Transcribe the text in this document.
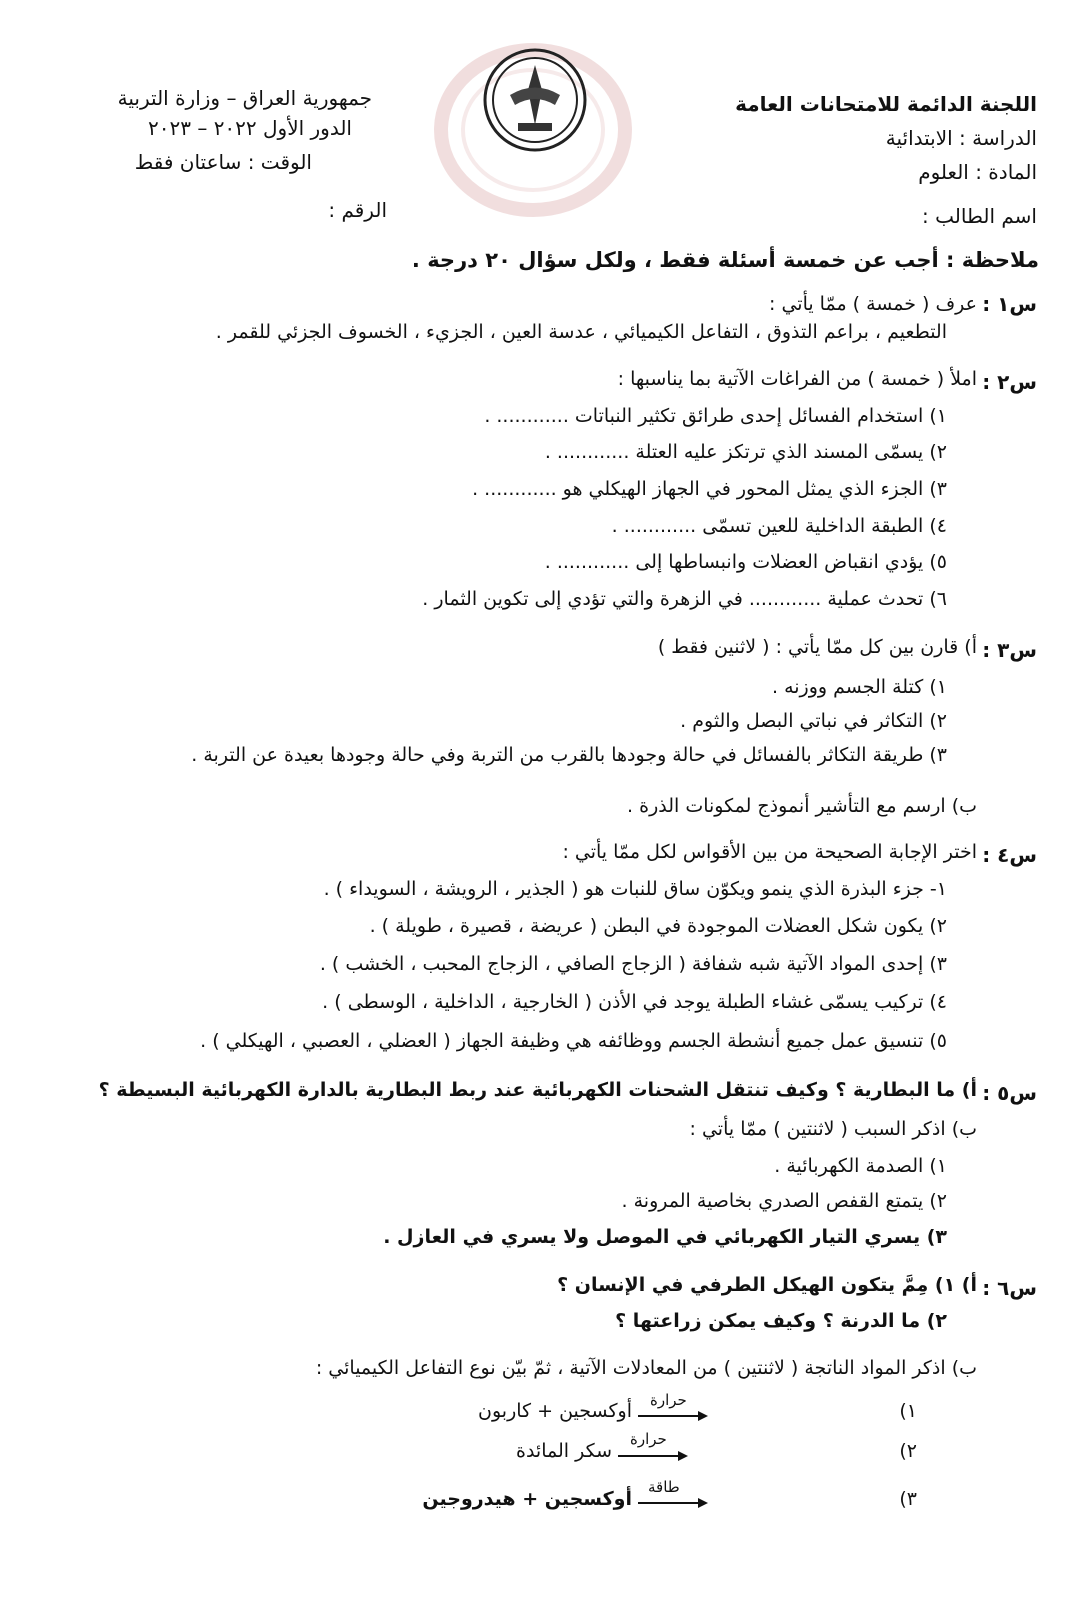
اللجنة الدائمة للامتحانات العامة
الدراسة : الابتدائية
المادة : العلوم
اسم الطالب :
جمهورية العراق – وزارة التربية
الدور الأول ٢٠٢٢ – ٢٠٢٣
الوقت : ساعتان فقط
الرقم :
ملاحظة : أجب عن خمسة أسئلة فقط ، ولكل سؤال ٢٠ درجة .
س١ :
عرف ( خمسة ) ممّا يأتي :
التطعيم ، براعم التذوق ، التفاعل الكيميائي ، عدسة العين ، الجزيء ، الخسوف الجزئي للقمر .
س٢ :
املأ ( خمسة ) من الفراغات الآتية بما يناسبها :
١) استخدام الفسائل إحدى طرائق تكثير النباتات ............ .
٢) يسمّى المسند الذي ترتكز عليه العتلة ............ .
٣) الجزء الذي يمثل المحور في الجهاز الهيكلي هو ............ .
٤) الطبقة الداخلية للعين تسمّى ............ .
٥) يؤدي انقباض العضلات وانبساطها إلى ............ .
٦) تحدث عملية ............ في الزهرة والتي تؤدي إلى تكوين الثمار .
س٣ :
أ) قارن بين كل ممّا يأتي : ( لاثنين فقط )
١) كتلة الجسم ووزنه .
٢) التكاثر في نباتي البصل والثوم .
٣) طريقة التكاثر بالفسائل في حالة وجودها بالقرب من التربة وفي حالة وجودها بعيدة عن التربة .
ب) ارسم مع التأشير أنموذج لمكونات الذرة .
س٤ :
اختر الإجابة الصحيحة من بين الأقواس لكل ممّا يأتي :
١- جزء البذرة الذي ينمو ويكوّن ساق للنبات هو ( الجذير ، الرويشة ، السويداء ) .
٢) يكون شكل العضلات الموجودة في البطن ( عريضة ، قصيرة ، طويلة ) .
٣) إحدى المواد الآتية شبه شفافة ( الزجاج الصافي ، الزجاج المحبب ، الخشب ) .
٤) تركيب يسمّى غشاء الطبلة يوجد في الأذن ( الخارجية ، الداخلية ، الوسطى ) .
٥) تنسيق عمل جميع أنشطة الجسم ووظائفه هي وظيفة الجهاز ( العضلي ، العصبي ، الهيكلي ) .
س٥ :
أ) ما البطارية ؟ وكيف تنتقل الشحنات الكهربائية عند ربط البطارية بالدارة الكهربائية البسيطة ؟
ب) اذكر السبب ( لاثنتين ) ممّا يأتي :
١) الصدمة الكهربائية .
٢) يتمتع القفص الصدري بخاصية المرونة .
٣) يسري التيار الكهربائي في الموصل ولا يسري في العازل .
س٦ :
أ) ١) مِمَّ يتكون الهيكل الطرفي في الإنسان ؟
٢) ما الدرنة ؟ وكيف يمكن زراعتها ؟
ب) اذكر المواد الناتجة ( لاثنتين ) من المعادلات الآتية ، ثمّ بيّن نوع التفاعل الكيميائي :
١)
حرارة
أوكسجين + كاربون
٢)
حرارة
سكر المائدة
٣)
طاقة
أوكسجين + هيدروجين
